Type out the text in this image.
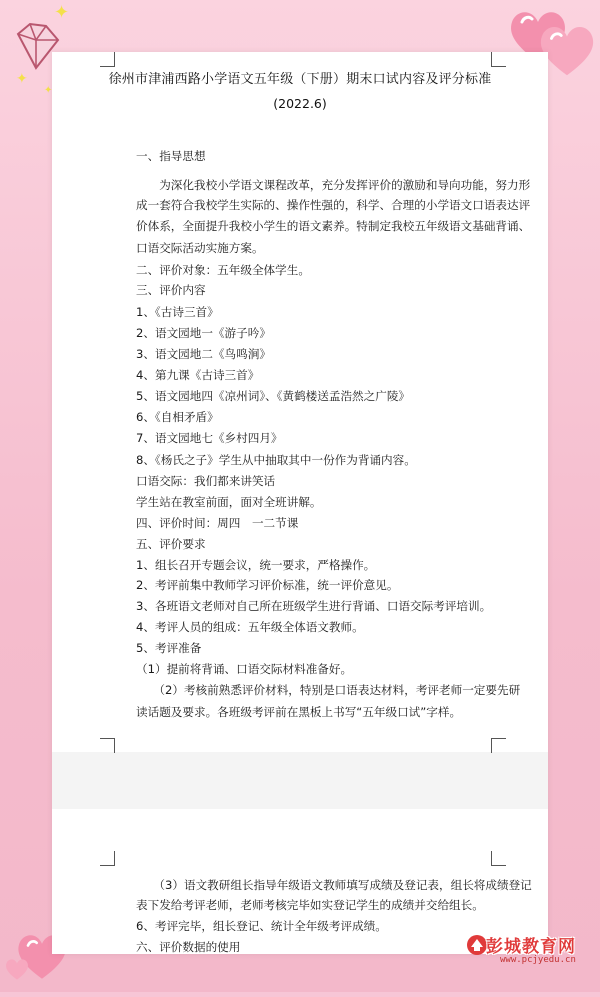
✦
✦
✦
徐州市津浦西路小学语文五年级（下册）期末口试内容及评分标准
(2022.6)
一、指导思想
　　为深化我校小学语文课程改革，充分发挥评价的激励和导向功能，努力形
成一套符合我校学生实际的、操作性强的，科学、合理的小学语文口语表达评
价体系，全面提升我校小学生的语文素养。特制定我校五年级语文基础背诵、
口语交际活动实施方案。
二、评价对象：五年级全体学生。
三、评价内容
1、《古诗三首》
2、语文园地一《游子吟》
3、语文园地二《鸟鸣涧》
4、第九课《古诗三首》
5、语文园地四《凉州词》、《黄鹤楼送孟浩然之广陵》
6、《自相矛盾》
7、语文园地七《乡村四月》
8、《杨氏之子》学生从中抽取其中一份作为背诵内容。
口语交际：我们都来讲笑话
学生站在教室前面，面对全班讲解。
四、评价时间：周四　一二节课
五、评价要求
1、组长召开专题会议，统一要求，严格操作。
2、考评前集中教师学习评价标准，统一评价意见。
3、各班语文老师对自己所在班级学生进行背诵、口语交际考评培训。
4、考评人员的组成：五年级全体语文教师。
5、考评准备
（1）提前将背诵、口语交际材料准备好。
　　（2）考核前熟悉评价材料，特别是口语表达材料，考评老师一定要先研
读话题及要求。各班级考评前在黑板上书写“五年级口试”字样。
　　（3）语文教研组长指导年级语文教师填写成绩及登记表，组长将成绩登记
表下发给考评老师，老师考核完毕如实登记学生的成绩并交给组长。
6、考评完毕，组长登记、统计全年级考评成绩。
六、评价数据的使用	彭城教育网
www.pcjyedu.cn
